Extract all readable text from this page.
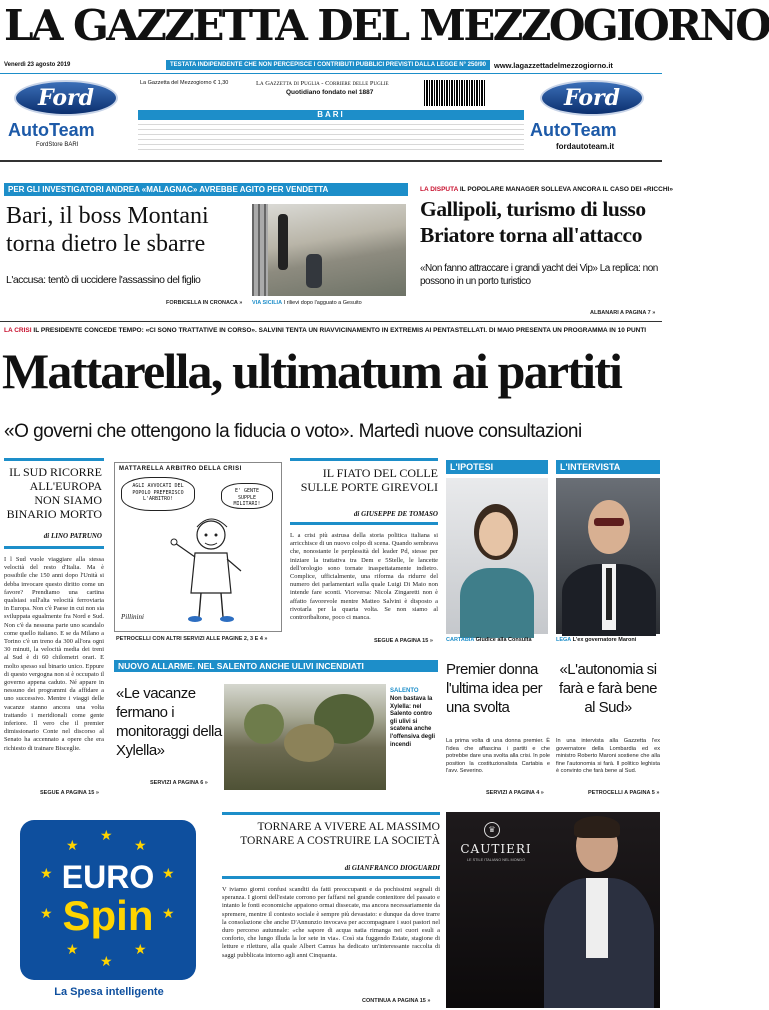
LA GAZZETTA DEL MEZZOGIORNO
Venerdì 23 agosto 2019	TESTATA INDIPENDENTE CHE NON PERCEPISCE I CONTRIBUTI PUBBLICI PREVISTI DALLA LEGGE N° 250/90	www.lagazzettadelmezzogiorno.it
Ford
AutoTeam
FordStore BARI
La Gazzetta del Mezzogiorno € 1,30	La Gazzetta di Puglia - Corriere delle Puglie
Quotidiano fondato nel 1887
BARI
Ford
AutoTeam
fordautoteam.it
PER GLI INVESTIGATORI ANDREA «MALAGNAC» AVREBBE AGITO PER VENDETTA
Bari, il boss Montani torna dietro le sbarre
L'accusa: tentò di uccidere l'assassino del figlio
FORBICELLA IN CRONACA » VIA SICILIA I rilievi dopo l'agguato a Gesuito
LA DISPUTA IL POPOLARE MANAGER SOLLEVA ANCORA IL CASO DEI «RICCHI»
Gallipoli, turismo di lusso Briatore torna all'attacco
«Non fanno attraccare i grandi yacht dei Vip» La replica: non possono in un porto turistico
ALBANARI A PAGINA 7 »
LA CRISI IL PRESIDENTE CONCEDE TEMPO: «CI SONO TRATTATIVE IN CORSO». SALVINI TENTA UN RIAVVICINAMENTO IN EXTREMIS AI PENTASTELLATI. DI MAIO PRESENTA UN PROGRAMMA IN 10 PUNTI
Mattarella, ultimatum ai partiti
«O governi che ottengono la fiducia o voto». Martedì nuove consultazioni
IL SUD RICORRE ALL'EUROPA NON SIAMO BINARIO MORTO
di LINO PATRUNO
I l Sud vuole viaggiare alla stessa velocità del resto d'Italia. Ma è possibile che 150 anni dopo l'Unità si debba invocare questo diritto come un favore? Prendiamo una cartina qualsiasi sull'alta velocità ferroviaria in Europa. Non c'è Paese in cui non sia sviluppata egualmente fra Nord e Sud. Non c'è da nessuna parte uno scandalo come quello italiano. E se da Milano a Torino c'è un treno da 300 all'ora ogni 30 minuti, la velocità media dei treni al Sud è di 60 chilometri orari. E molto spesso sul binario unico. Eppure di questo vergogna non si è occupato il governo appena caduto. Né appare in nessuno dei programmi da affidare a uno successivo. Mentre i viaggi delle vacanze stanno ancora una volta trattando i meridionali come gente inferiore. Il vero che il premier dimissionario Conte nel discorso al Senato ha accennato a opere che era richiesto di trainare Bisceglie.
SEGUE A PAGINA 15 »
MATTARELLA ARBITRO DELLA CRISI
AGLI AVVOCATI DEL POPOLO PREFERISCO L'ARBITRO!
E' GENTE SUPPLE MILITARI!
Pillinini
PETROCELLI CON ALTRI SERVIZI ALLE PAGINE 2, 3 E 4 »
IL FIATO DEL COLLE SULLE PORTE GIREVOLI
di GIUSEPPE DE TOMASO
L a crisi più astrusa della storia politica italiana si arricchisce di un nuovo colpo di scena. Quando sembrava che, nonostante le perplessità del leader Pd, stesse per iniziare la trattativa tra Dem e 5Stelle, le lancette dell'orologio sono tornate inaspettatamente indietro. Complice, ufficialmente, una riforma da ridurre del numero dei parlamentari sulla quale Luigi Di Maio non intende fare sconti. Viceversa: Nicola Zingaretti non è affatto favorevole mentre Matteo Salvini è disposto a rivotarla per la quarta volta. Se non siamo al controribaltone, poco ci manca.
SEGUE A PAGINA 15 »
L'IPOTESI
CARTABIA Giudice alla Consulta
Premier donna l'ultima idea per una svolta
La prima volta di una donna premier. È l'idea che affascina i partiti e che potrebbe dare una svolta alla crisi. In pole position la costituzionalista Cartabia e l'avv. Severino.
SERVIZI A PAGINA 4 »
L'INTERVISTA
LEGA L'ex governatore Maroni
«L'autonomia si farà e farà bene al Sud»
In una intervista alla Gazzetta l'ex governatore della Lombardia ed ex ministro Roberto Maroni sostiene che alla fine l'autonomia si farà. Il politico leghista è convinto che farà bene al Sud.
PETROCELLI A PAGINA 5 »
NUOVO ALLARME. NEL SALENTO ANCHE ULIVI INCENDIATI
«Le vacanze fermano i monitoraggi della Xylella»
SERVIZI A PAGINA 6 »
SALENTO
Non bastava la Xylella: nel Salento contro gli ulivi si scatena anche l'offensiva degli incendi
EURO
Spin
★
★	★
★	★
★	★
★	★
★
La Spesa intelligente
TORNARE A VIVERE AL MASSIMO TORNARE A COSTRUIRE LA SOCIETÀ
di GIANFRANCO DIOGUARDI
V iviamo giorni confusi scanditi da fatti preoccupanti e da pochissimi segnali di speranza. I giorni dell'estate corrono per faffarsi nel grande contenitore del passato e intanto le fonti economiche appaiono ormai dissecate, ma ancora necessariamente da spremere, mentre il contesto sociale è sempre più devastato: e dunque da dove trarre la consolazione che anche D'Annunzio invocava per accompagnare i suoi pastori nel duro percorso autunnale: «che sapore di acqua natia rimanga nei cuori esuli a conforto, che lungo illuda la lor sete in via». Così sta fuggendo Estate, stagione di letture e riletture, alla quale Albert Camus ha dedicato un'interessante raccolta di saggi pubblicata intorno agli anni Cinquanta.
CONTINUA A PAGINA 15 »
♛
CAUTIERI
LE STILE ITALIANO NEL MONDO
